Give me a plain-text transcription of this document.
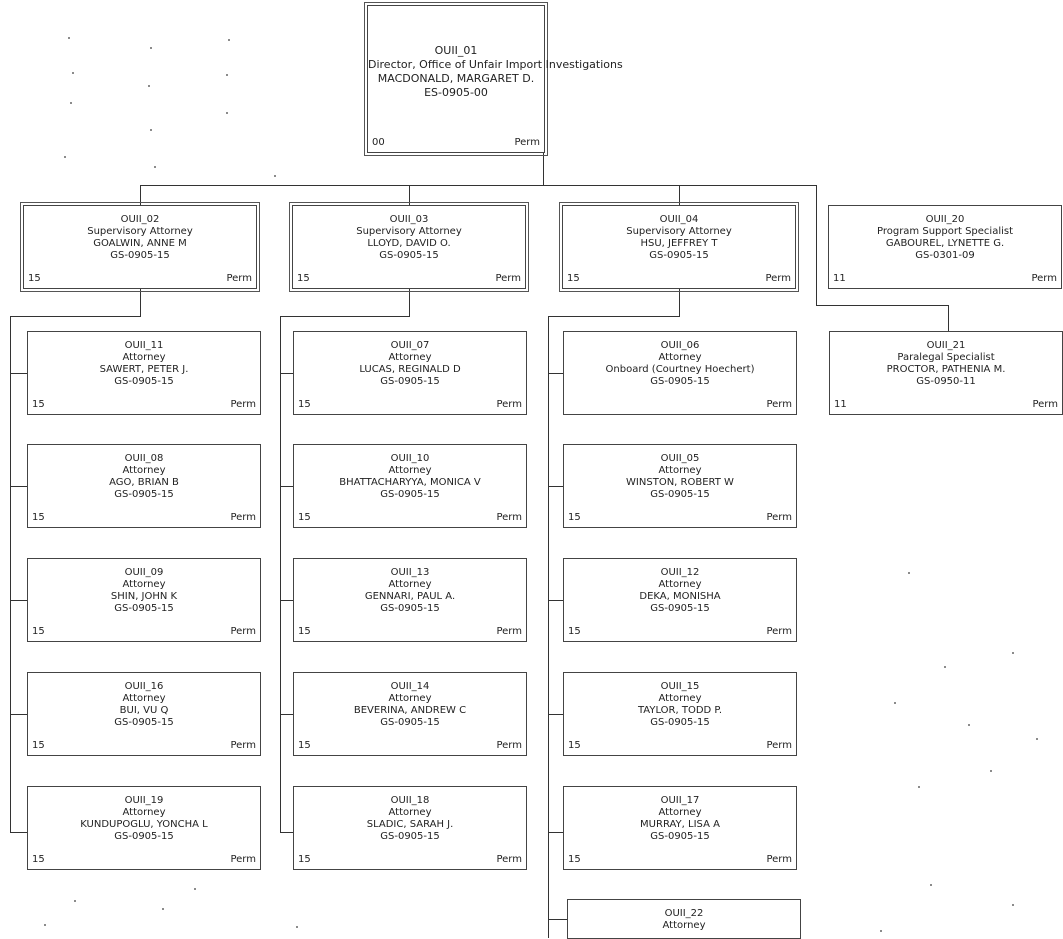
OUII_01
Director, Office of Unfair Import Investigations
MACDONALD, MARGARET D.
ES-0905-00
00	Perm
OUII_02
Supervisory Attorney
GOALWIN, ANNE M
GS-0905-15
15	Perm
OUII_03
Supervisory Attorney
LLOYD, DAVID O.
GS-0905-15
15	Perm
OUII_04
Supervisory Attorney
HSU, JEFFREY T
GS-0905-15
15	Perm
OUII_20
Program Support Specialist
GABOUREL, LYNETTE G.
GS-0301-09
11	Perm
OUII_11
Attorney
SAWERT, PETER J.
GS-0905-15
15	Perm
OUII_08
Attorney
AGO, BRIAN B
GS-0905-15
15	Perm
OUII_09
Attorney
SHIN, JOHN K
GS-0905-15
15	Perm
OUII_16
Attorney
BUI, VU Q
GS-0905-15
15	Perm
OUII_19
Attorney
KUNDUPOGLU, YONCHA L
GS-0905-15
15	Perm
OUII_07
Attorney
LUCAS, REGINALD D
GS-0905-15
15	Perm
OUII_10
Attorney
BHATTACHARYYA, MONICA V
GS-0905-15
15	Perm
OUII_13
Attorney
GENNARI, PAUL A.
GS-0905-15
15	Perm
OUII_14
Attorney
BEVERINA, ANDREW C
GS-0905-15
15	Perm
OUII_18
Attorney
SLADIC, SARAH J.
GS-0905-15
15	Perm
OUII_06
Attorney
Onboard (Courtney Hoechert)
GS-0905-15
Perm
OUII_05
Attorney
WINSTON, ROBERT W
GS-0905-15
15	Perm
OUII_12
Attorney
DEKA, MONISHA
GS-0905-15
15	Perm
OUII_15
Attorney
TAYLOR, TODD P.
GS-0905-15
15	Perm
OUII_17
Attorney
MURRAY, LISA A
GS-0905-15
15	Perm
OUII_22
Attorney
OUII_21
Paralegal Specialist
PROCTOR, PATHENIA M.
GS-0950-11
11	Perm
